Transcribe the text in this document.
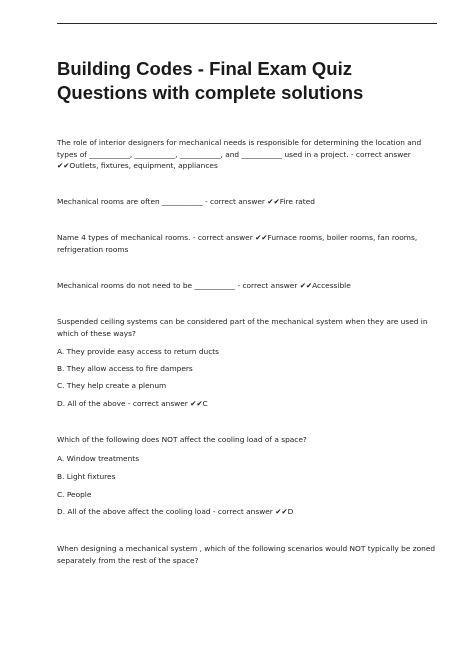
Building Codes - Final Exam Quiz Questions with complete solutions

The role of interior designers for mechanical needs is responsible for determining the location and types of ___________, ___________, ___________, and ___________ used in a project. - correct answer ✔✔Outlets, fixtures, equipment, appliances

Mechanical rooms are often ___________ - correct answer ✔✔Fire rated

Name 4 types of mechanical rooms. - correct answer ✔✔Furnace rooms, boiler rooms, fan rooms, refrigeration rooms

Mechanical rooms do not need to be ___________ - correct answer ✔✔Accessible

Suspended ceiling systems can be considered part of the mechanical system when they are used in which of these ways?

A. They provide easy access to return ducts

B. They allow access to fire dampers

C. They help create a plenum

D. All of the above - correct answer ✔✔C

Which of the following does NOT affect the cooling load of a space?

A. Window treatments

B. Light fixtures

C. People

D. All of the above affect the cooling load - correct answer ✔✔D

When designing a mechanical system , which of the following scenarios would NOT typically be zoned separately from the rest of the space?
